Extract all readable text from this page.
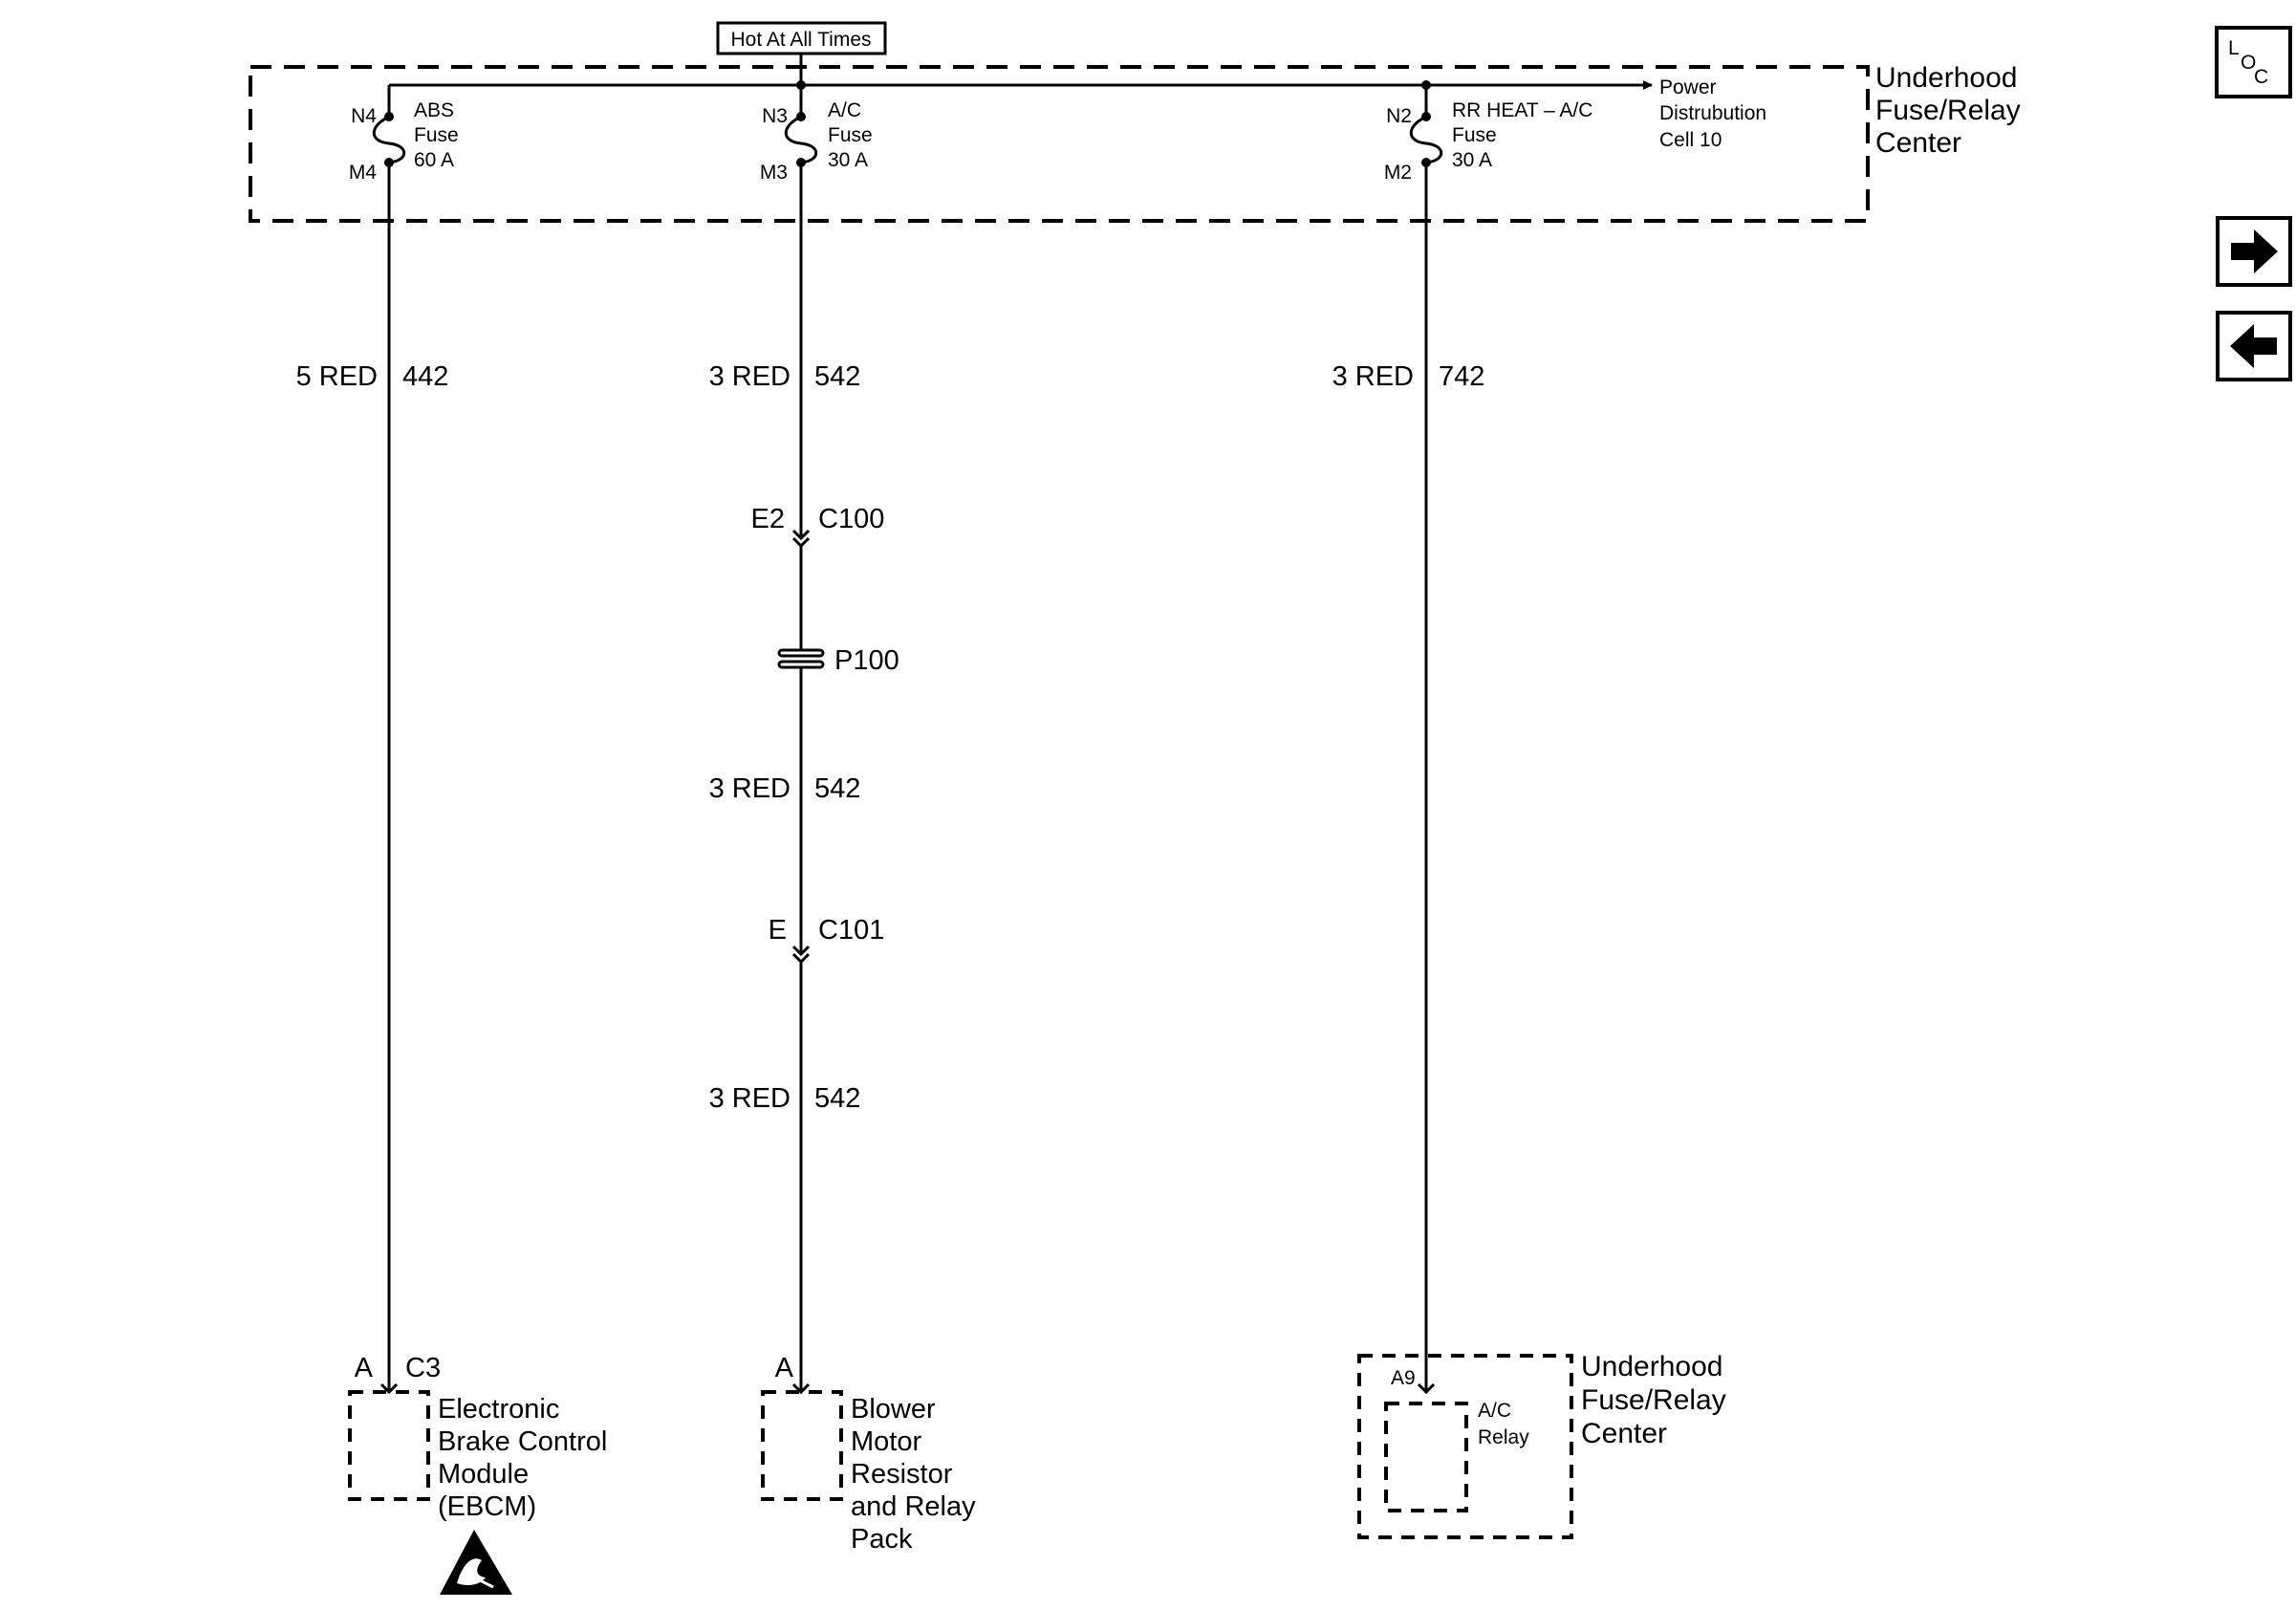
Hot At All Times
Underhood Fuse/Relay Center
Power Distrubution Cell 10
N4
M4
ABS Fuse 60 A
N3
M3
A/C Fuse 30 A
N2
M2
RR HEAT – A/C Fuse 30 A
5 RED 442
A C3
Electronic Brake Control Module (EBCM)
3 RED 542
E2 C100
P100
3 RED 542
E C101
3 RED 542
A
Blower Motor Resistor and Relay Pack
3 RED 742
Underhood Fuse/Relay Center
A9
A/C Relay
L
O
C
